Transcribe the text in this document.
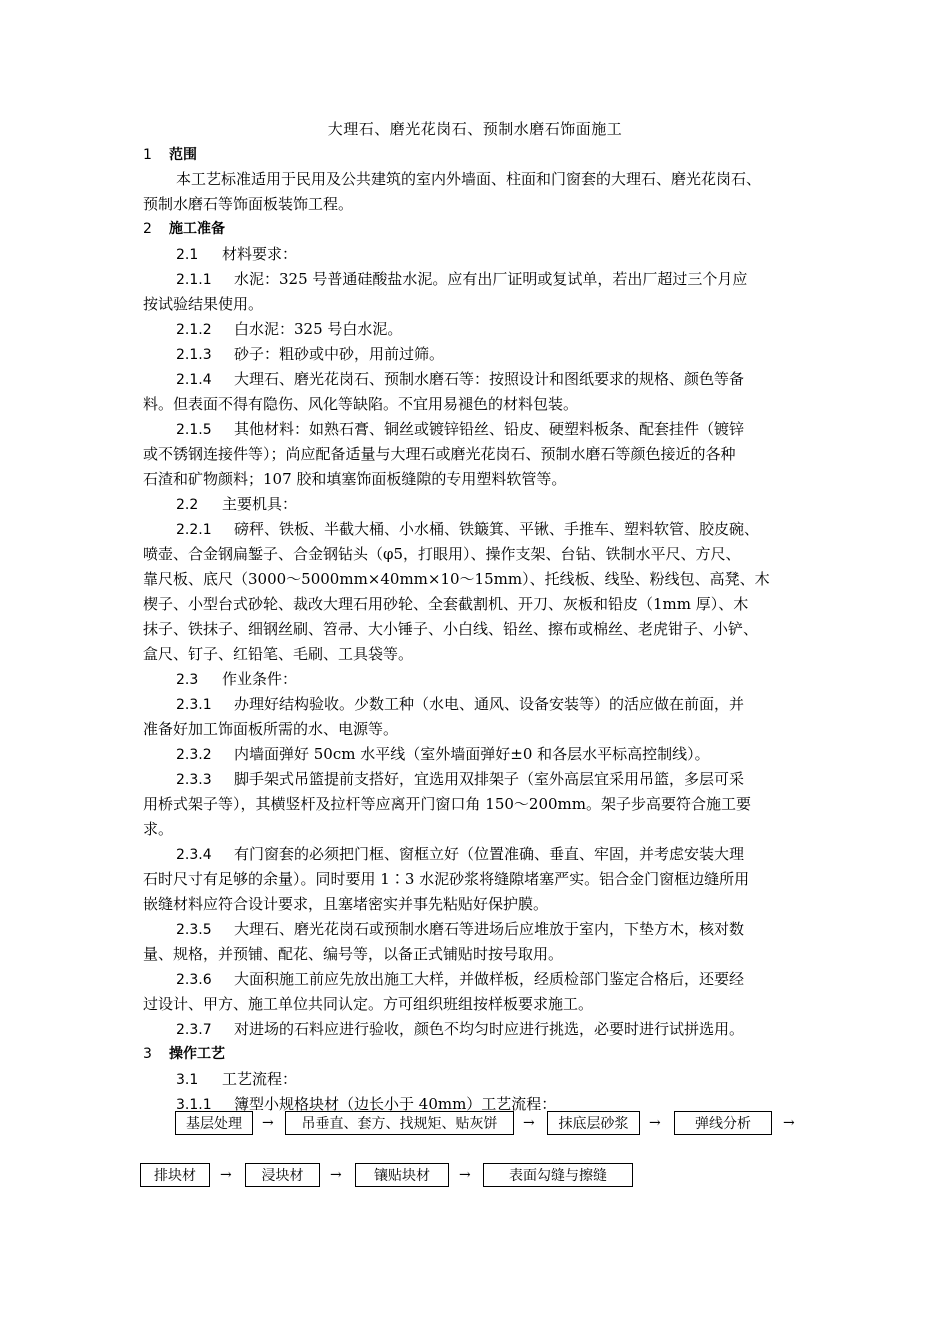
大理石、磨光花岗石、预制水磨石饰面施工
1 范围
本工艺标准适用于民用及公共建筑的室内外墙面、柱面和门窗套的大理石、磨光花岗石、
预制水磨石等饰面板装饰工程。
2 施工准备
2.1 材料要求：
2.1.1 水泥：325 号普通硅酸盐水泥。应有出厂证明或复试单，若出厂超过三个月应
按试验结果使用。
2.1.2 白水泥：325 号白水泥。
2.1.3 砂子：粗砂或中砂，用前过筛。
2.1.4 大理石、磨光花岗石、预制水磨石等：按照设计和图纸要求的规格、颜色等备
料。但表面不得有隐伤、风化等缺陷。不宜用易褪色的材料包装。
2.1.5 其他材料：如熟石膏、铜丝或镀锌铅丝、铅皮、硬塑料板条、配套挂件（镀锌
或不锈钢连接件等）；尚应配备适量与大理石或磨光花岗石、预制水磨石等颜色接近的各种
石渣和矿物颜料；107 胶和填塞饰面板缝隙的专用塑料软管等。
2.2 主要机具：
2.2.1 磅秤、铁板、半截大桶、小水桶、铁簸箕、平锹、手推车、塑料软管、胶皮碗、
喷壶、合金钢扁錾子、合金钢钻头（φ5，打眼用）、操作支架、台钻、铁制水平尺、方尺、
靠尺板、底尺（3000～5000mm×40mm×10～15mm）、托线板、线坠、粉线包、高凳、木
楔子、小型台式砂轮、裁改大理石用砂轮、全套截割机、开刀、灰板和铅皮（1mm 厚）、木
抹子、铁抹子、细钢丝刷、笤帚、大小锤子、小白线、铅丝、擦布或棉丝、老虎钳子、小铲、
盒尺、钉子、红铅笔、毛刷、工具袋等。
2.3 作业条件：
2.3.1 办理好结构验收。少数工种（水电、通风、设备安装等）的活应做在前面，并
准备好加工饰面板所需的水、电源等。
2.3.2 内墙面弹好 50cm 水平线（室外墙面弹好±0 和各层水平标高控制线）。
2.3.3 脚手架式吊篮提前支搭好，宜选用双排架子（室外高层宜采用吊篮，多层可采
用桥式架子等），其横竖杆及拉杆等应离开门窗口角 150～200mm。架子步高要符合施工要
求。
2.3.4 有门窗套的必须把门框、窗框立好（位置准确、垂直、牢固，并考虑安装大理
石时尺寸有足够的余量）。同时要用 1∶3 水泥砂浆将缝隙堵塞严实。铝合金门窗框边缝所用
嵌缝材料应符合设计要求，且塞堵密实并事先粘贴好保护膜。
2.3.5 大理石、磨光花岗石或预制水磨石等进场后应堆放于室内，下垫方木，核对数
量、规格，并预铺、配花、编号等，以备正式铺贴时按号取用。
2.3.6 大面积施工前应先放出施工大样，并做样板，经质检部门鉴定合格后，还要经
过设计、甲方、施工单位共同认定。方可组织班组按样板要求施工。
2.3.7 对进场的石料应进行验收，颜色不均匀时应进行挑选，必要时进行试拼选用。
3 操作工艺
3.1 工艺流程：
3.1.1 簿型小规格块材（边长小于 40mm）工艺流程：
基层处理	→	吊垂直、套方、找规矩、贴灰饼	→	抹底层砂浆	→	弹线分析	→
排块材	→	浸块材	→	镶贴块材	→	表面勾缝与擦缝
